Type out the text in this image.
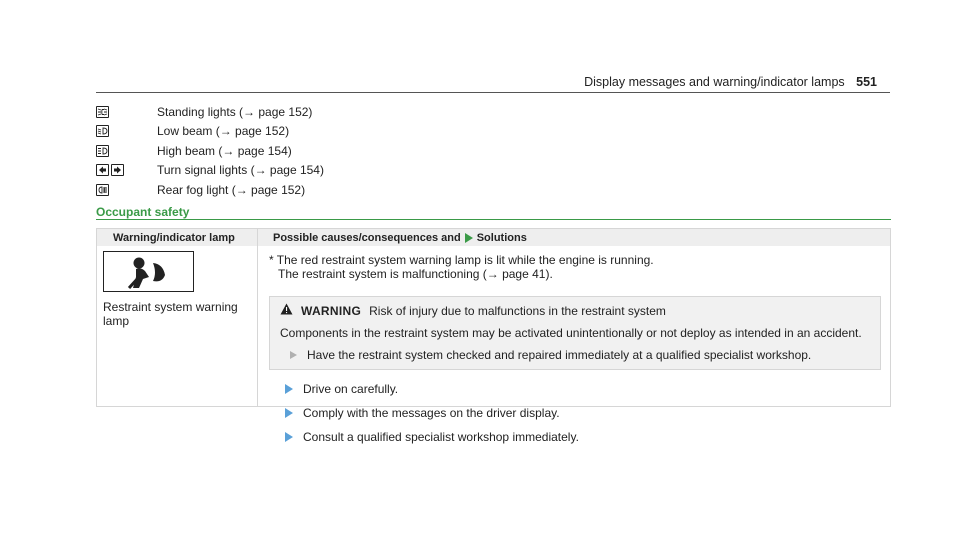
Display messages and warning/indicator lamps 551
Standing lights (→ page 152)
Low beam (→ page 152)
High beam (→ page 154)
Turn signal lights (→ page 154)
Rear fog light (→ page 152)
Occupant safety
Warning/indicator lamp	Possible causes/consequences and Solutions
Restraint system warning lamp
* The red restraint system warning lamp is lit while the engine is running.
The restraint system is malfunctioning (→ page 41).
WARNING Risk of injury due to malfunctions in the restraint system
Components in the restraint system may be activated unintentionally or not deploy as intended in an accident.
Have the restraint system checked and repaired immediately at a qualified specialist workshop.
Drive on carefully.
Comply with the messages on the driver display.
Consult a qualified specialist workshop immediately.
